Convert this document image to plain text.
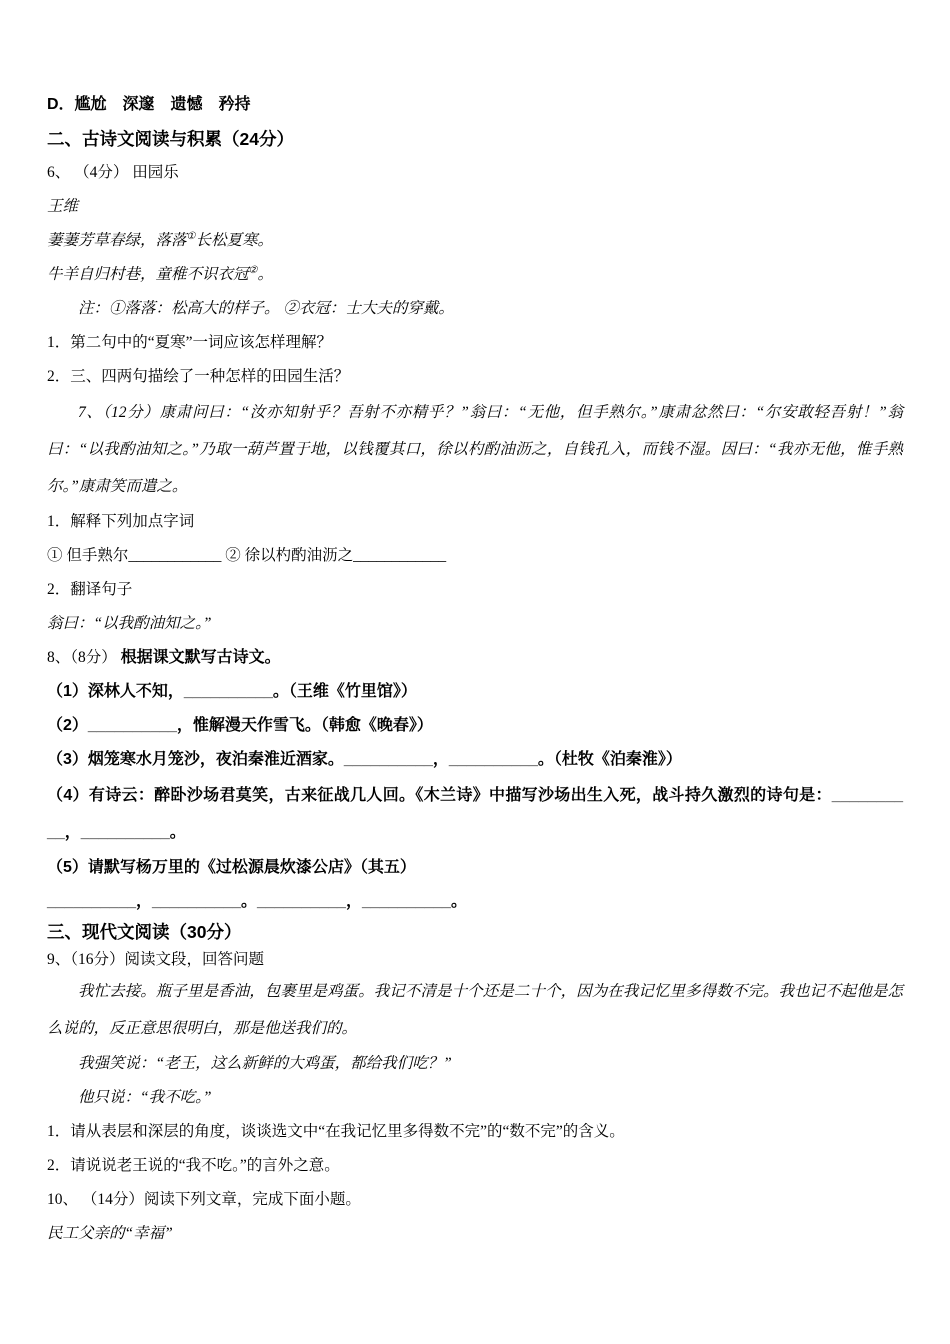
D．尴尬　深邃　遗憾　矜持

二、古诗文阅读与积累（24分）

6、 （4分） 田园乐

王维

萋萋芳草春绿，落落①长松夏寒。

牛羊自归村巷，童稚不识衣冠②。

注：①落落：松高大的样子。 ②衣冠：士大夫的穿戴。

1．第二句中的“夏寒”一词应该怎样理解？

2．三、四两句描绘了一种怎样的田园生活？

7、（12分）康肃问曰：“汝亦知射乎？吾射不亦精乎？”翁曰：“无他，但手熟尔。”康肃忿然曰：“尔安敢轻吾射！”翁曰：“以我酌油知之。”乃取一葫芦置于地，以钱覆其口，徐以杓酌油沥之，自钱孔入，而钱不湿。因曰：“我亦无他，惟手熟尔。”康肃笑而遣之。

1．解释下列加点字词

① 但手熟尔____________ ② 徐以杓酌油沥之____________

2．翻译句子

翁曰：“以我酌油知之。”

8、（8分） 根据课文默写古诗文。

（1）深林人不知，__________。（王维《竹里馆》）

（2）__________，惟解漫天作雪飞。（韩愈《晚春》）

（3）烟笼寒水月笼沙，夜泊秦淮近酒家。__________，__________。（杜牧《泊秦淮》）

（4）有诗云：醉卧沙场君莫笑，古来征战几人回。《木兰诗》中描写沙场出生入死，战斗持久激烈的诗句是：________ __，__________。

（5）请默写杨万里的《过松源晨炊漆公店》（其五）

__________，__________。__________，__________。

三、现代文阅读（30分）

9、（16分）阅读文段，回答问题

我忙去接。瓶子里是香油，包裹里是鸡蛋。我记不清是十个还是二十个，因为在我记忆里多得数不完。我也记不起他是怎么说的，反正意思很明白，那是他送我们的。

我强笑说：“老王，这么新鲜的大鸡蛋，都给我们吃？”

他只说：“我不吃。”

1．请从表层和深层的角度，谈谈选文中“在我记忆里多得数不完”的“数不完”的含义。

2．请说说老王说的“我不吃。”的言外之意。

10、 （14分）阅读下列文章，完成下面小题。

民工父亲的“幸福”
